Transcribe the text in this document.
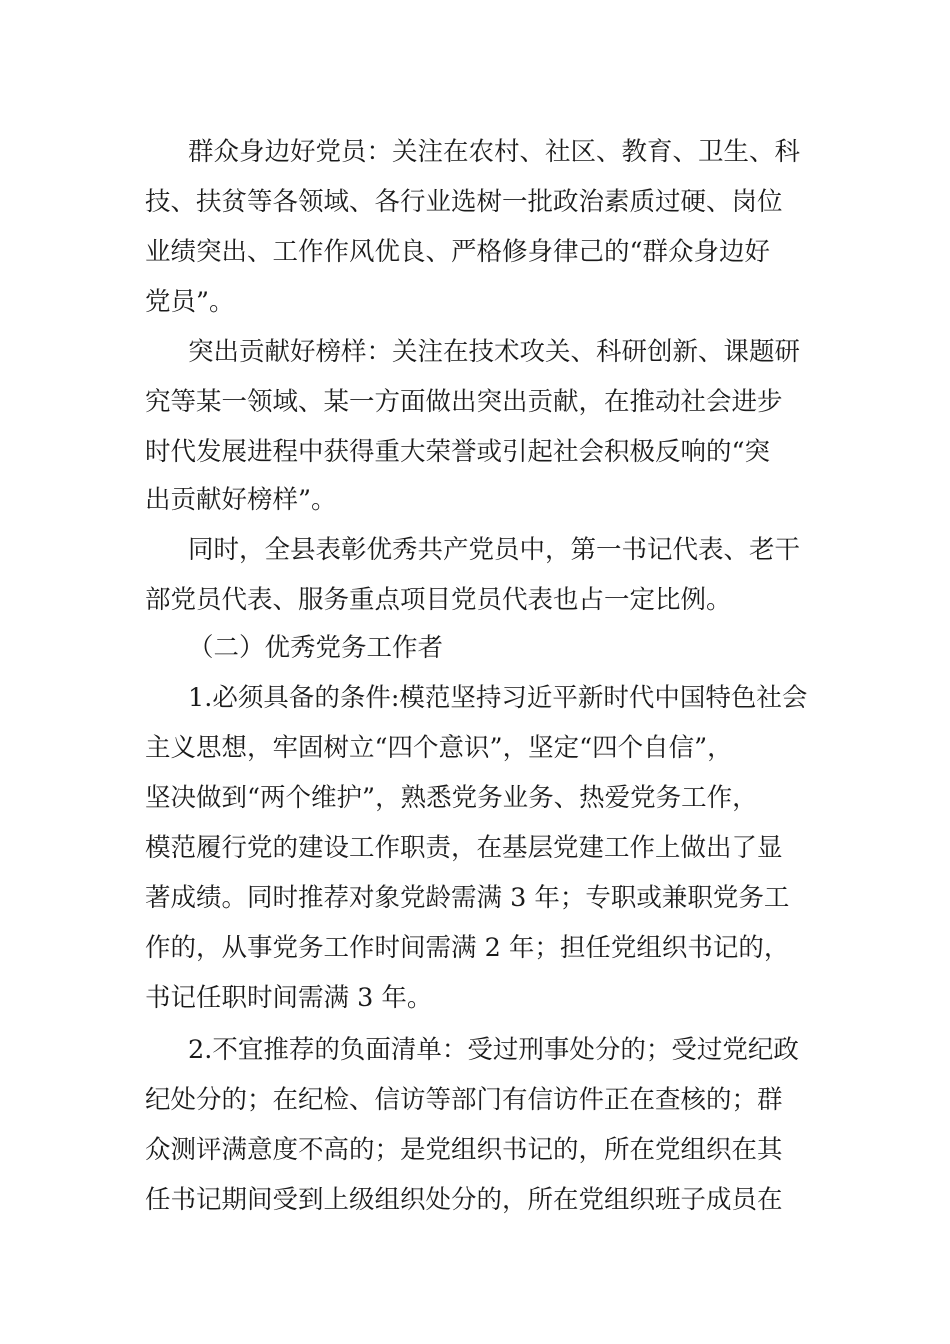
群众身边好党员：关注在农村、社区、教育、卫生、科
技、扶贫等各领域、各行业选树一批政治素质过硬、岗位
业绩突出、工作作风优良、严格修身律己的“群众身边好
党员”。
突出贡献好榜样：关注在技术攻关、科研创新、课题研
究等某一领域、某一方面做出突出贡献，在推动社会进步
时代发展进程中获得重大荣誉或引起社会积极反响的“突
出贡献好榜样”。
同时，全县表彰优秀共产党员中，第一书记代表、老干
部党员代表、服务重点项目党员代表也占一定比例。
（二）优秀党务工作者
1.必须具备的条件:模范坚持习近平新时代中国特色社会
主义思想，牢固树立“四个意识”，坚定“四个自信”，
坚决做到“两个维护”，熟悉党务业务、热爱党务工作，
模范履行党的建设工作职责，在基层党建工作上做出了显
著成绩。同时推荐对象党龄需满 3 年；专职或兼职党务工
作的，从事党务工作时间需满 2 年；担任党组织书记的，
书记任职时间需满 3 年。
2.不宜推荐的负面清单：受过刑事处分的；受过党纪政
纪处分的；在纪检、信访等部门有信访件正在查核的；群
众测评满意度不高的；是党组织书记的，所在党组织在其
任书记期间受到上级组织处分的，所在党组织班子成员在
